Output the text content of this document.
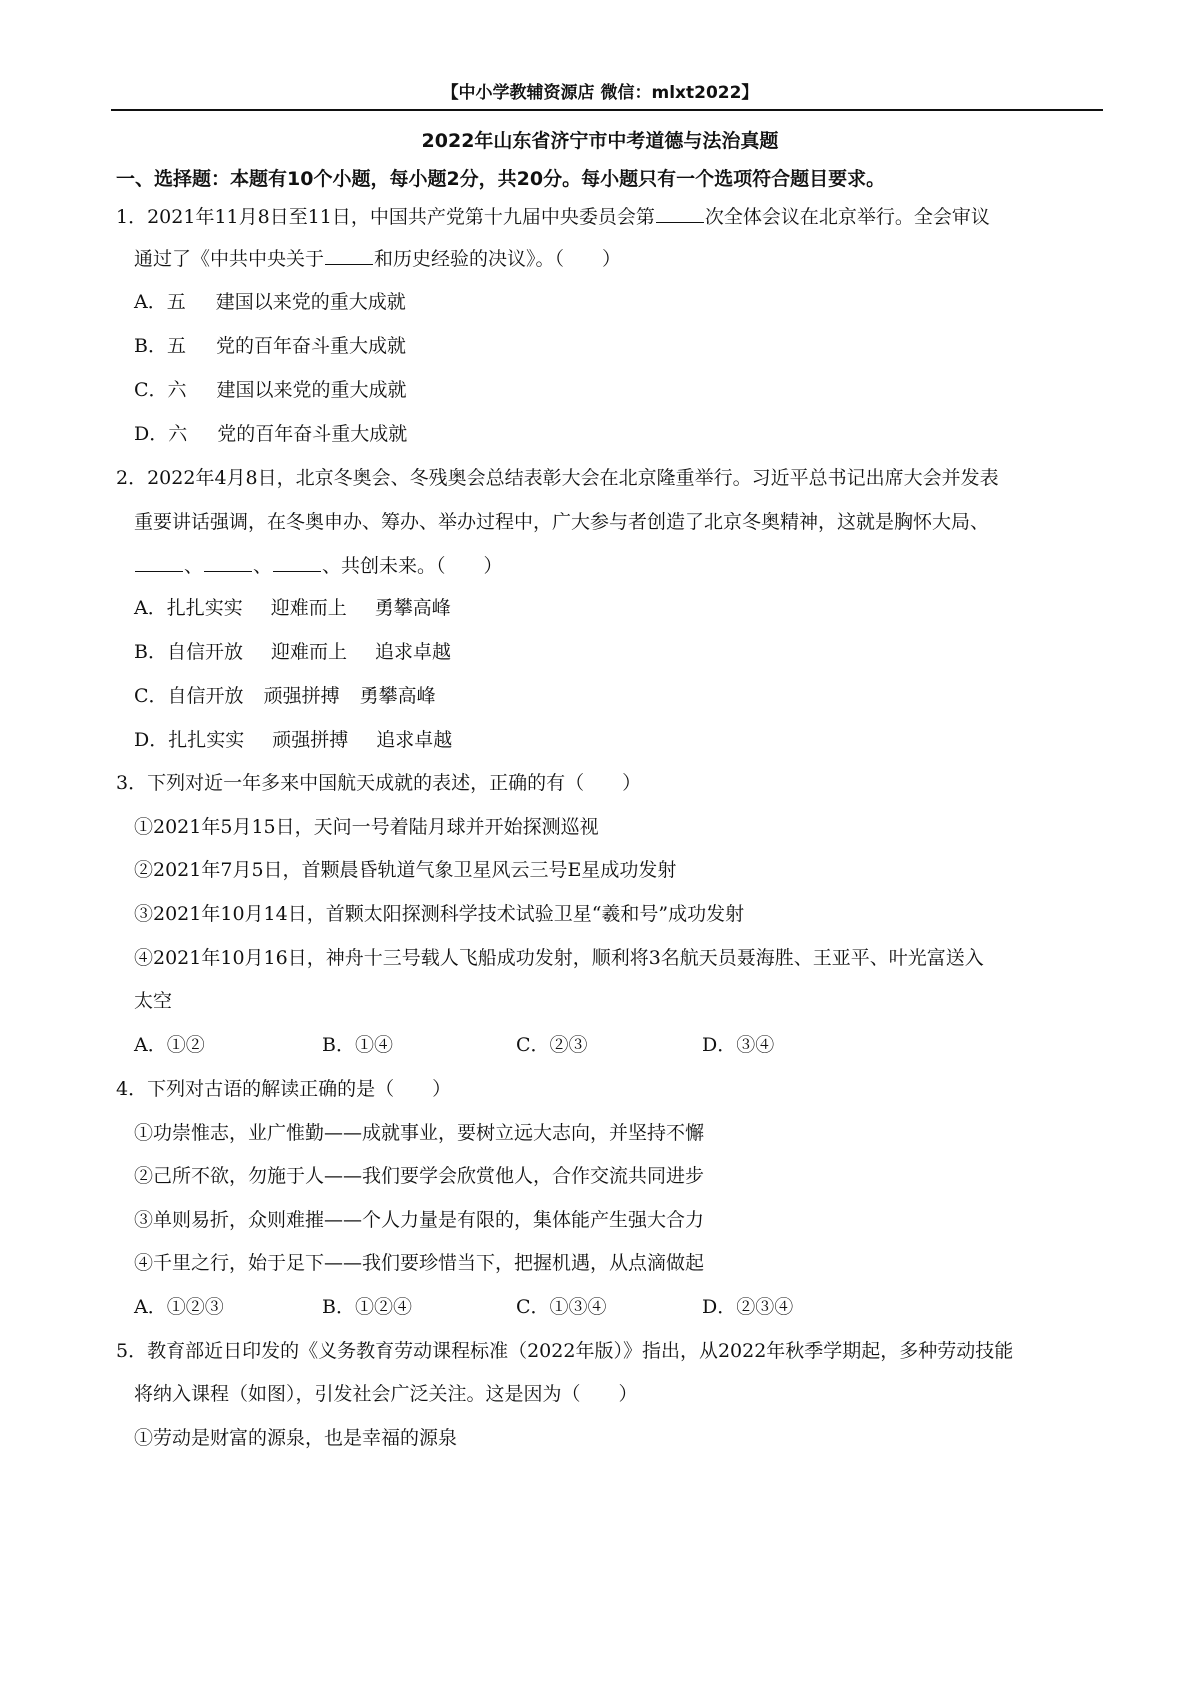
【中小学教辅资源店 微信：mlxt2022】
2022年山东省济宁市中考道德与法治真题
一、选择题：本题有10个小题，每小题2分，共20分。每小题只有一个选项符合题目要求。
1．2021年11月8日至11日，中国共产党第十九届中央委员会第	次全体会议在北京举行。全会审议
通过了《中共中央关于	和历史经验的决议》。（　　）
A．五 建国以来党的重大成就
B．五 党的百年奋斗重大成就
C．六 建国以来党的重大成就
D．六 党的百年奋斗重大成就
2．2022年4月8日，北京冬奥会、冬残奥会总结表彰大会在北京隆重举行。习近平总书记出席大会并发表
重要讲话强调，在冬奥申办、筹办、举办过程中，广大参与者创造了北京冬奥精神，这就是胸怀大局、
、	、	、共创未来。（　　）
A．扎扎实实 迎难而上 勇攀高峰
B．自信开放 迎难而上 追求卓越
C．自信开放 顽强拼搏 勇攀高峰
D．扎扎实实 顽强拼搏 追求卓越
3．下列对近一年多来中国航天成就的表述，正确的有（　　）
①2021年5月15日，天问一号着陆月球并开始探测巡视
②2021年7月5日，首颗晨昏轨道气象卫星风云三号E星成功发射
③2021年10月14日，首颗太阳探测科学技术试验卫星“羲和号”成功发射
④2021年10月16日，神舟十三号载人飞船成功发射，顺利将3名航天员聂海胜、王亚平、叶光富送入
太空
A．①②	B．①④	C．②③	D．③④
4．下列对古语的解读正确的是（　　）
①功崇惟志，业广惟勤——成就事业，要树立远大志向，并坚持不懈
②己所不欲，勿施于人——我们要学会欣赏他人，合作交流共同进步
③单则易折，众则难摧——个人力量是有限的，集体能产生强大合力
④千里之行，始于足下——我们要珍惜当下，把握机遇，从点滴做起
A．①②③	B．①②④	C．①③④	D．②③④
5．教育部近日印发的《义务教育劳动课程标准（2022年版）》指出，从2022年秋季学期起，多种劳动技能
将纳入课程（如图），引发社会广泛关注。这是因为（　　）
①劳动是财富的源泉，也是幸福的源泉
